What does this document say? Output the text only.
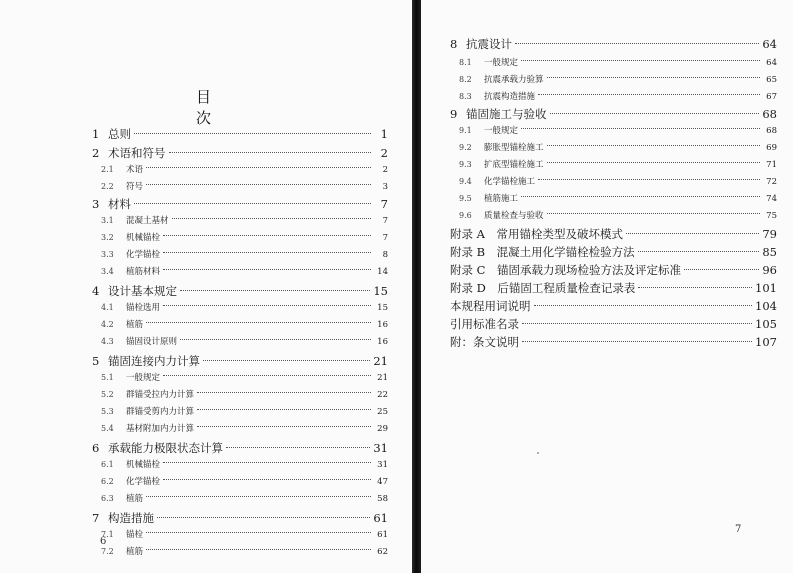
目　次
1 总则	1
2 术语和符号	2
2.1	术语	2
2.2	符号	3
3 材料	7
3.1	混凝土基材	7
3.2	机械锚栓	7
3.3	化学锚栓	8
3.4	植筋材料	14
4 设计基本规定	15
4.1	锚栓选用	15
4.2	植筋	16
4.3	锚固设计原则	16
5 锚固连接内力计算	21
5.1	一般规定	21
5.2	群锚受拉内力计算	22
5.3	群锚受剪内力计算	25
5.4	基材附加内力计算	29
6 承载能力极限状态计算	31
6.1	机械锚栓	31
6.2	化学锚栓	47
6.3	植筋	58
7 构造措施	61
7.1	锚栓	61
7.2	植筋	62
6
8 抗震设计	64
8.1	一般规定	64
8.2	抗震承载力验算	65
8.3	抗震构造措施	67
9 锚固施工与验收	68
9.1	一般规定	68
9.2	膨胀型锚栓施工	69
9.3	扩底型锚栓施工	71
9.4	化学锚栓施工	72
9.5	植筋施工	74
9.6	质量检查与验收	75
附录 A　常用锚栓类型及破坏模式	79
附录 B　混凝土用化学锚栓检验方法	85
附录 C　锚固承载力现场检验方法及评定标准	96
附录 D　后锚固工程质量检查记录表	101
本规程用词说明	104
引用标准名录	105
附：条文说明	107
7
